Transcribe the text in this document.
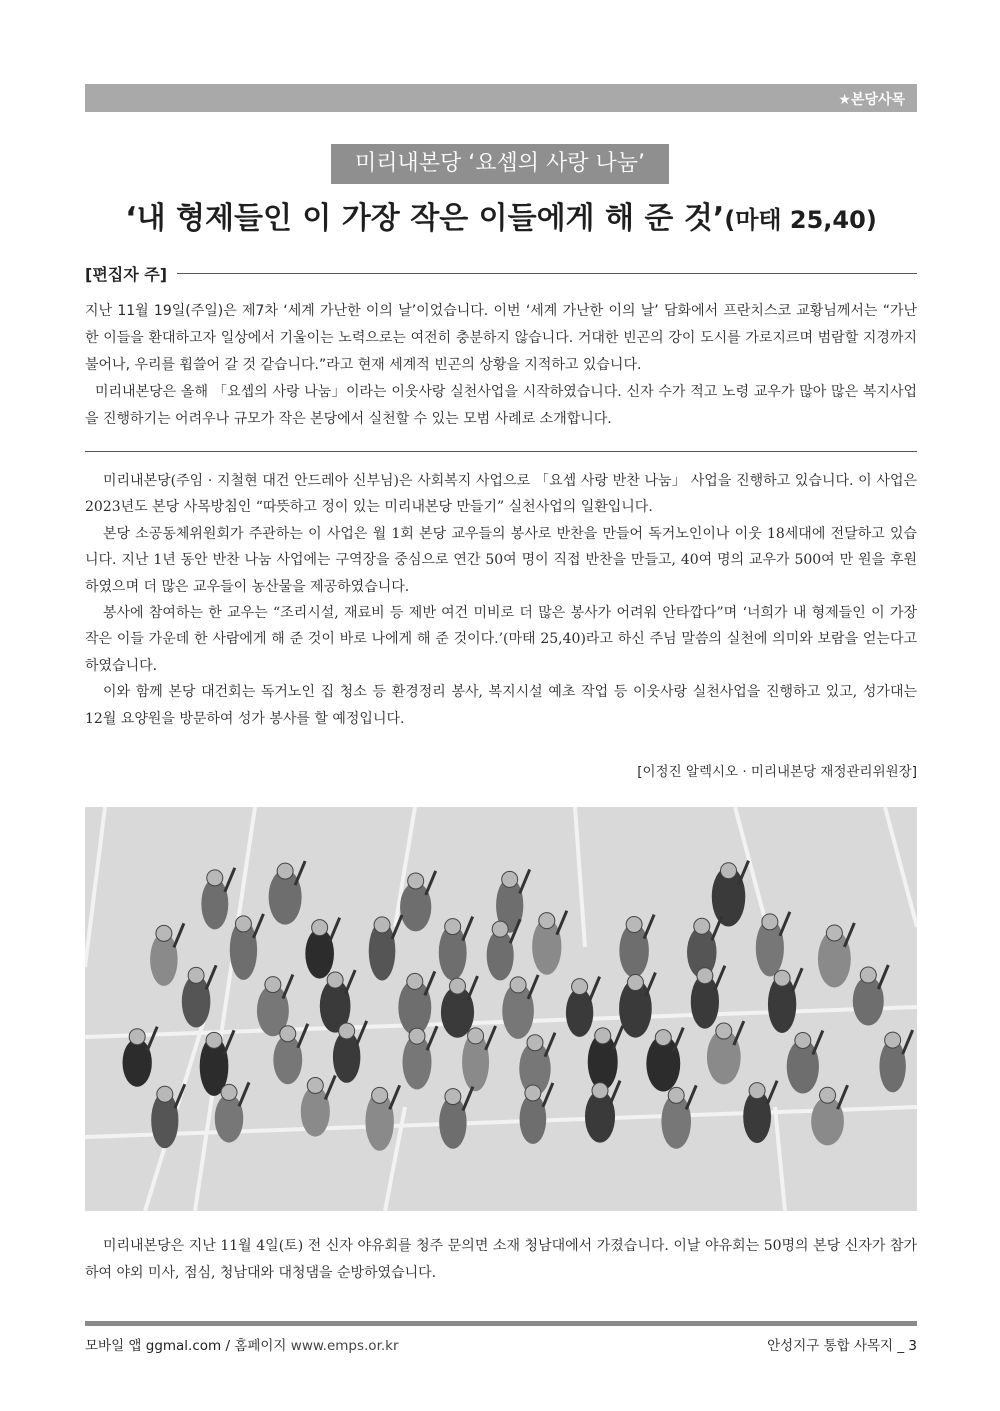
★본당사목
미리내본당 ‘요셉의 사랑 나눔’
‘내 형제들인 이 가장 작은 이들에게 해 준 것’(마태 25,40)
[편집자 주]

지난 11월 19일(주일)은 제7차 ‘세계 가난한 이의 날’이었습니다. 이번 ‘세계 가난한 이의 날’ 담화에서 프란치스코 교황님께서는 “가난한 이들을 환대하고자 일상에서 기울이는 노력으로는 여전히 충분하지 않습니다. 거대한 빈곤의 강이 도시를 가로지르며 범람할 지경까지 불어나, 우리를 휩쓸어 갈 것 같습니다.”라고 현재 세계적 빈곤의 상황을 지적하고 있습니다.

미리내본당은 올해 「요셉의 사랑 나눔」이라는 이웃사랑 실천사업을 시작하였습니다. 신자 수가 적고 노령 교우가 많아 많은 복지사업을 진행하기는 어려우나 규모가 작은 본당에서 실천할 수 있는 모범 사례로 소개합니다.

미리내본당(주임 · 지철현 대건 안드레아 신부님)은 사회복지 사업으로 「요셉 사랑 반찬 나눔」 사업을 진행하고 있습니다. 이 사업은 2023년도 본당 사목방침인 “따뜻하고 정이 있는 미리내본당 만들기” 실천사업의 일환입니다.

본당 소공동체위원회가 주관하는 이 사업은 월 1회 본당 교우들의 봉사로 반찬을 만들어 독거노인이나 이웃 18세대에 전달하고 있습니다. 지난 1년 동안 반찬 나눔 사업에는 구역장을 중심으로 연간 50여 명이 직접 반찬을 만들고, 40여 명의 교우가 500여 만 원을 후원하였으며 더 많은 교우들이 농산물을 제공하였습니다.

봉사에 참여하는 한 교우는 “조리시설, 재료비 등 제반 여건 미비로 더 많은 봉사가 어려워 안타깝다”며 ‘너희가 내 형제들인 이 가장 작은 이들 가운데 한 사람에게 해 준 것이 바로 나에게 해 준 것이다.’(마태 25,40)라고 하신 주님 말씀의 실천에 의미와 보람을 얻는다고 하였습니다.

이와 함께 본당 대건회는 독거노인 집 청소 등 환경정리 봉사, 복지시설 예초 작업 등 이웃사랑 실천사업을 진행하고 있고, 성가대는 12월 요양원을 방문하여 성가 봉사를 할 예정입니다.

[이정진 알렉시오 · 미리내본당 재정관리위원장]
미리내본당은 지난 11월 4일(토) 전 신자 야유회를 청주 문의면 소재 청남대에서 가졌습니다. 이날 야유회는 50명의 본당 신자가 참가하여 야외 미사, 점심, 청남대와 대청댐을 순방하였습니다.
모바일 앱 ggmal.com / 홈페이지 www.emps.or.kr	안성지구 통합 사목지 _ 3
